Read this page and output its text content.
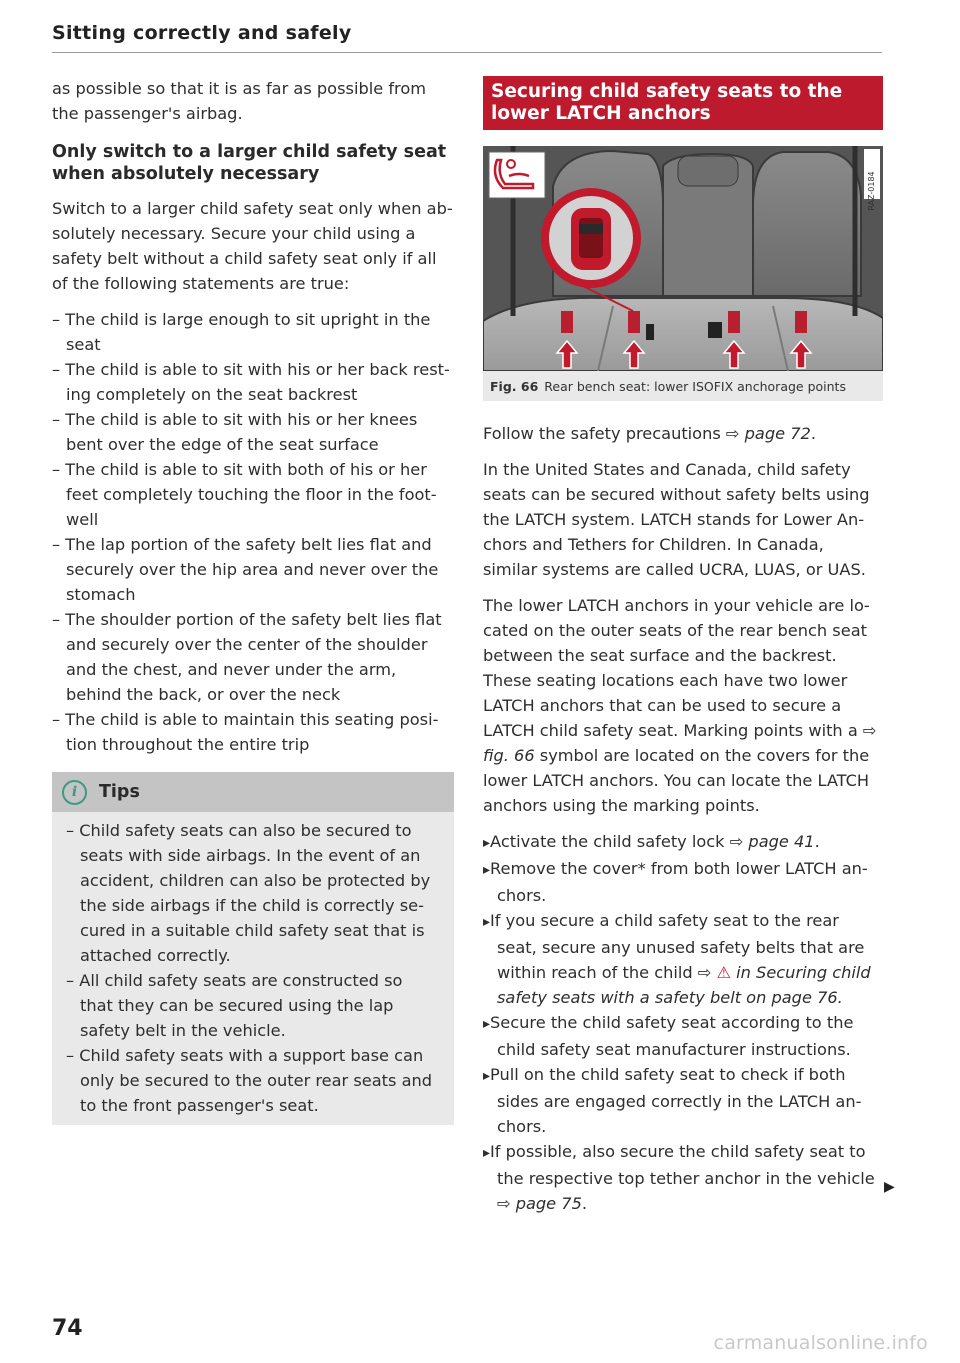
Sitting correctly and safely

as possible so that it is as far as possible from the passenger's airbag.

Only switch to a larger child safety seat when absolutely necessary

Switch to a larger child safety seat only when absolutely necessary. Secure your child using a safety belt without a child safety seat only if all of the following statements are true:

– The child is large enough to sit upright in the seat
– The child is able to sit with his or her back resting completely on the seat backrest
– The child is able to sit with his or her knees bent over the edge of the seat surface
– The child is able to sit with both of his or her feet completely touching the floor in the footwell
– The lap portion of the safety belt lies flat and securely over the hip area and never over the stomach
– The shoulder portion of the safety belt lies flat and securely over the center of the shoulder and the chest, and never under the arm, behind the back, or over the neck
– The child is able to maintain this seating position throughout the entire trip
i	Tips
– Child safety seats can also be secured to seats with side airbags. In the event of an accident, children can also be protected by the side airbags if the child is correctly secured in a suitable child safety seat that is attached correctly.
– All child safety seats are constructed so that they can be secured using the lap safety belt in the vehicle.
– Child safety seats with a support base can only be secured to the outer rear seats and to the front passenger's seat.
Securing child safety seats to the lower LATCH anchors
RAZ-0184
Fig. 66 Rear bench seat: lower ISOFIX anchorage points

Follow the safety precautions ⇨ page 72.

In the United States and Canada, child safety seats can be secured without safety belts using the LATCH system. LATCH stands for Lower Anchors and Tethers for Children. In Canada, similar systems are called UCRA, LUAS, or UAS.

The lower LATCH anchors in your vehicle are located on the outer seats of the rear bench seat between the seat surface and the backrest. These seating locations each have two lower LATCH anchors that can be used to secure a LATCH child safety seat. Marking points with a ⇨ fig. 66 symbol are located on the covers for the lower LATCH anchors. You can locate the LATCH anchors using the marking points.

▸ Activate the child safety lock ⇨ page 41.
▸ Remove the cover* from both lower LATCH anchors.
▸ If you secure a child safety seat to the rear seat, secure any unused safety belts that are within reach of the child ⇨ ⚠ in Securing child safety seats with a safety belt on page 76.
▸ Secure the child safety seat according to the child safety seat manufacturer instructions.
▸ Pull on the child safety seat to check if both sides are engaged correctly in the LATCH anchors.
▸ If possible, also secure the child safety seat to the respective top tether anchor in the vehicle ⇨ page 75.
▶
74
carmanualsonline.info
